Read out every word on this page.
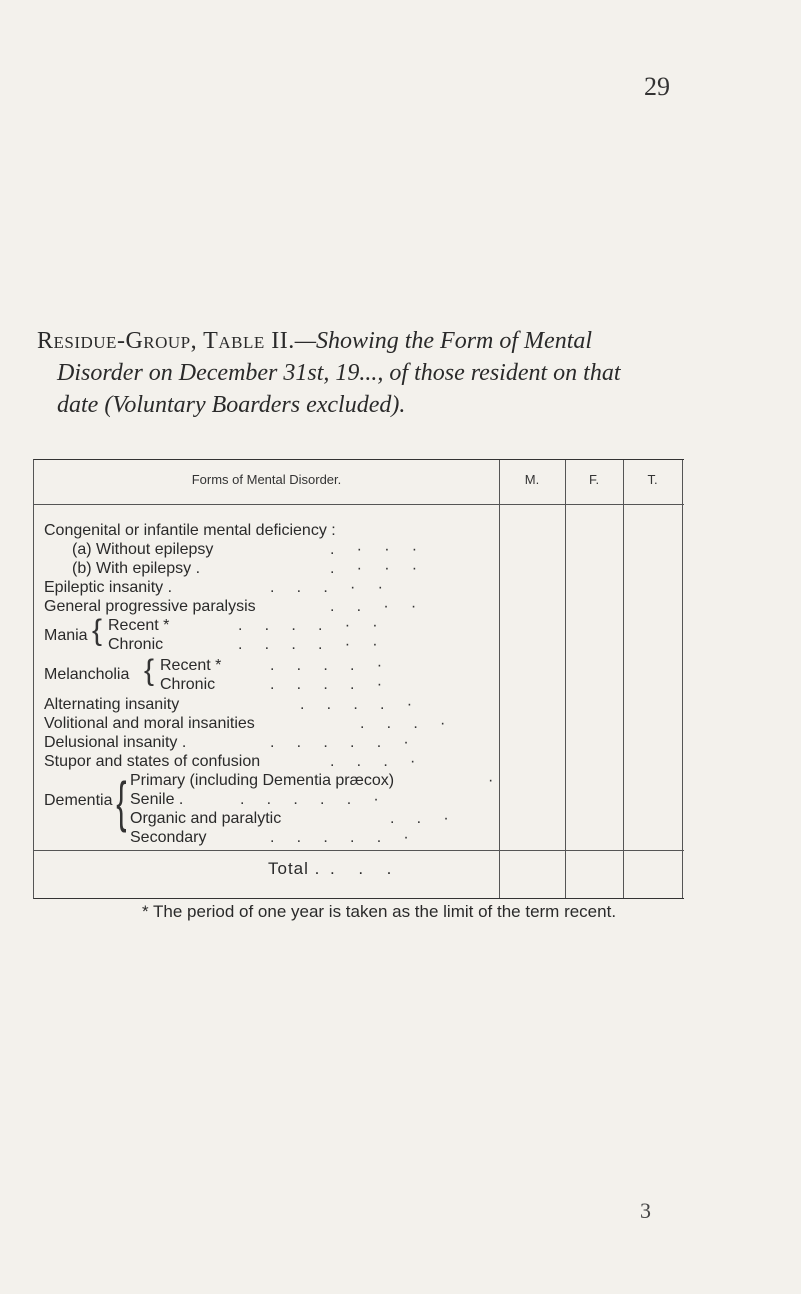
29
Residue-Group, Table II.—Showing the Form of Mental
Disorder on December 31st, 19..., of those resident on that
date (Voluntary Boarders excluded).
Forms of Mental Disorder.	M.	F.	T.
Congenital or infantile mental deficiency :
(a) Without epilepsy	.     ·     ·     ·
(b) With epilepsy .	.     ·     ·     ·
Epileptic insanity .	.     .     .     ·     ·
General progressive paralysis	.     .     ·     ·
Mania { Recent *	.     .     .     .     ·     ·
Chronic	.     .     .     .     ·     ·
Melancholia { Recent *	.     .     .     .     ·
Chronic	.     .     .     .     ·
Alternating insanity	.     .     .     .     ·
Volitional and moral insanities	.     .     .     ·
Delusional insanity .	.     .     .     .     .     ·
Stupor and states of confusion	.     .     .     ·
Dementia { Primary (including Dementia præcox)	·
Senile .	.     .     .     .     .     ·
Organic and paralytic	.     .     ·
Secondary	.     .     .     .     .     ·
Total . .     .     .
* The period of one year is taken as the limit of the term recent.
3
